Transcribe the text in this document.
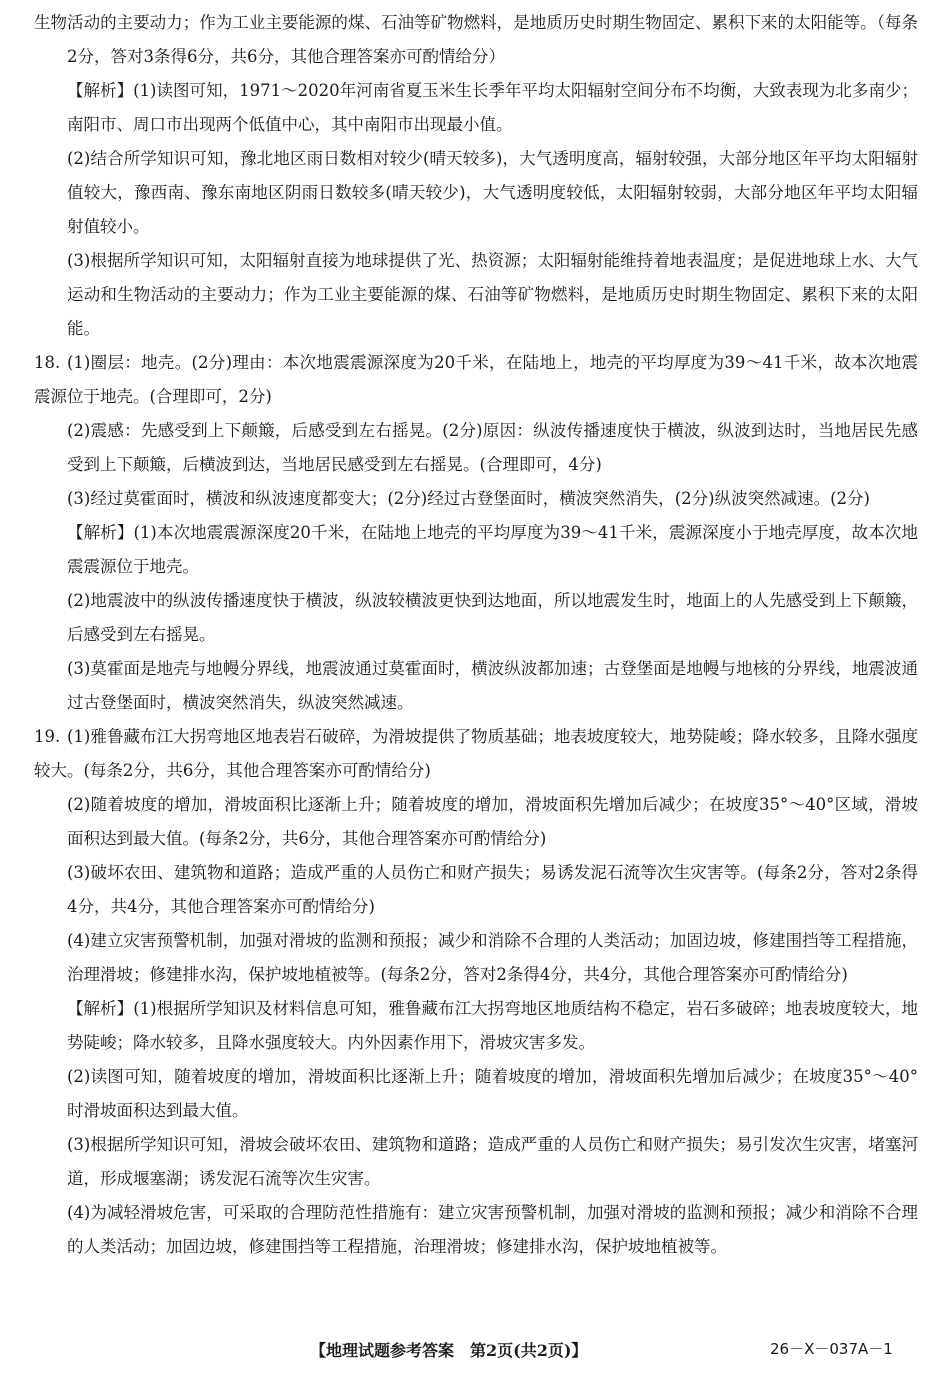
生物活动的主要动力；作为工业主要能源的煤、石油等矿物燃料，是地质历史时期生物固定、累积下来的太阳能等。（每条2分，答对3条得6分，共6分，其他合理答案亦可酌情给分）

【解析】(1)读图可知，1971～2020年河南省夏玉米生长季年平均太阳辐射空间分布不均衡，大致表现为北多南少；南阳市、周口市出现两个低值中心，其中南阳市出现最小值。

(2)结合所学知识可知，豫北地区雨日数相对较少(晴天较多)，大气透明度高，辐射较强，大部分地区年平均太阳辐射值较大，豫西南、豫东南地区阴雨日数较多(晴天较少)，大气透明度较低，太阳辐射较弱，大部分地区年平均太阳辐射值较小。

(3)根据所学知识可知，太阳辐射直接为地球提供了光、热资源；太阳辐射能维持着地表温度；是促进地球上水、大气运动和生物活动的主要动力；作为工业主要能源的煤、石油等矿物燃料，是地质历史时期生物固定、累积下来的太阳能。

18. (1)圈层：地壳。(2分)理由：本次地震震源深度为20千米，在陆地上，地壳的平均厚度为39～41千米，故本次地震震源位于地壳。(合理即可，2分)

(2)震感：先感受到上下颠簸，后感受到左右摇晃。(2分)原因：纵波传播速度快于横波，纵波到达时，当地居民先感受到上下颠簸，后横波到达，当地居民感受到左右摇晃。(合理即可，4分)

(3)经过莫霍面时，横波和纵波速度都变大；(2分)经过古登堡面时，横波突然消失，(2分)纵波突然减速。(2分)

【解析】(1)本次地震震源深度20千米，在陆地上地壳的平均厚度为39～41千米，震源深度小于地壳厚度，故本次地震震源位于地壳。

(2)地震波中的纵波传播速度快于横波，纵波较横波更快到达地面，所以地震发生时，地面上的人先感受到上下颠簸，后感受到左右摇晃。

(3)莫霍面是地壳与地幔分界线，地震波通过莫霍面时，横波纵波都加速；古登堡面是地幔与地核的分界线，地震波通过古登堡面时，横波突然消失，纵波突然减速。

19. (1)雅鲁藏布江大拐弯地区地表岩石破碎，为滑坡提供了物质基础；地表坡度较大，地势陡峻；降水较多，且降水强度较大。(每条2分，共6分，其他合理答案亦可酌情给分)

(2)随着坡度的增加，滑坡面积比逐渐上升；随着坡度的增加，滑坡面积先增加后减少；在坡度35°～40°区域，滑坡面积达到最大值。(每条2分，共6分，其他合理答案亦可酌情给分)

(3)破坏农田、建筑物和道路；造成严重的人员伤亡和财产损失；易诱发泥石流等次生灾害等。(每条2分，答对2条得4分，共4分，其他合理答案亦可酌情给分)

(4)建立灾害预警机制，加强对滑坡的监测和预报；减少和消除不合理的人类活动；加固边坡，修建围挡等工程措施，治理滑坡；修建排水沟，保护坡地植被等。(每条2分，答对2条得4分，共4分，其他合理答案亦可酌情给分)

【解析】(1)根据所学知识及材料信息可知，雅鲁藏布江大拐弯地区地质结构不稳定，岩石多破碎；地表坡度较大，地势陡峻；降水较多，且降水强度较大。内外因素作用下，滑坡灾害多发。

(2)读图可知，随着坡度的增加，滑坡面积比逐渐上升；随着坡度的增加，滑坡面积先增加后减少；在坡度35°～40°时滑坡面积达到最大值。

(3)根据所学知识可知，滑坡会破坏农田、建筑物和道路；造成严重的人员伤亡和财产损失；易引发次生灾害，堵塞河道，形成堰塞湖；诱发泥石流等次生灾害。

(4)为减轻滑坡危害，可采取的合理防范性措施有：建立灾害预警机制，加强对滑坡的监测和预报；减少和消除不合理的人类活动；加固边坡，修建围挡等工程措施，治理滑坡；修建排水沟，保护坡地植被等。

【地理试题参考答案　第2页(共2页)】	26－X－037A－1
